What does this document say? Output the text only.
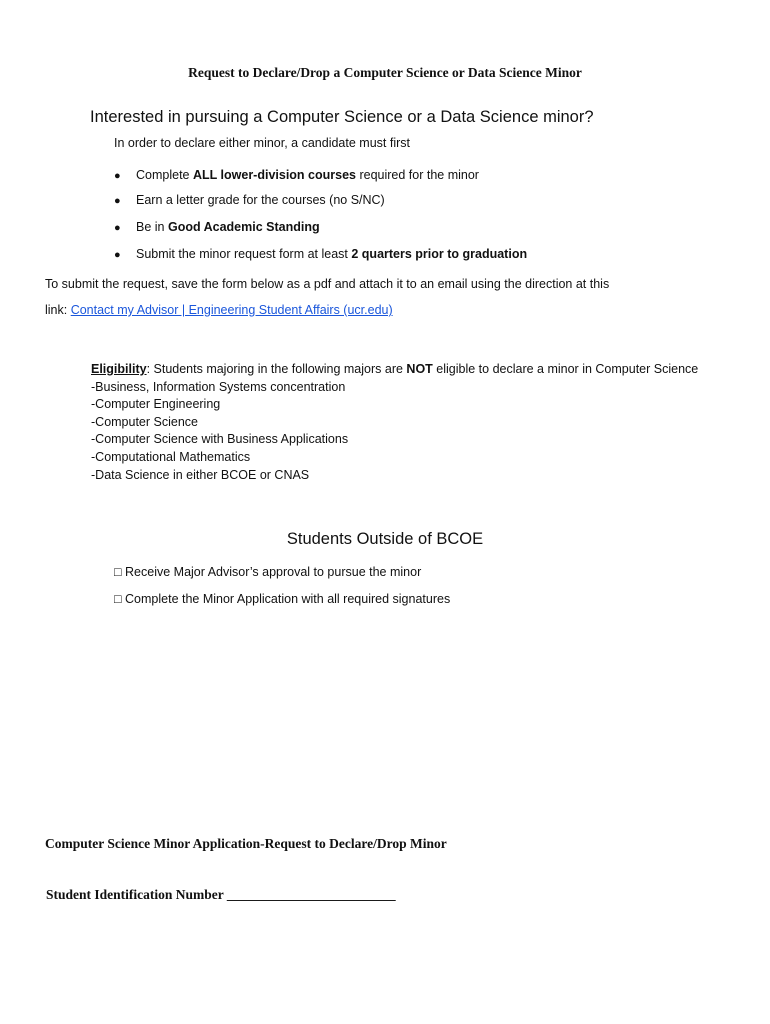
Request to Declare/Drop a Computer Science or Data Science Minor
Interested in pursuing a Computer Science or a Data Science minor?
In order to declare either minor, a candidate must first
● Complete ALL lower-division courses required for the minor
● Earn a letter grade for the courses (no S/NC)
● Be in Good Academic Standing
● Submit the minor request form at least 2 quarters prior to graduation
To submit the request, save the form below as a pdf and attach it to an email using the direction at this
link: Contact my Advisor | Engineering Student Affairs (ucr.edu)
Eligibility: Students majoring in the following majors are NOT eligible to declare a minor in Computer Science
-Business, Information Systems concentration
-Computer Engineering
-Computer Science
-Computer Science with Business Applications
-Computational Mathematics
-Data Science in either BCOE or CNAS
Students Outside of BCOE
□ Receive Major Advisor’s approval to pursue the minor
□ Complete the Minor Application with all required signatures
Computer Science Minor Application-Request to Declare/Drop Minor
Student Identification Number _________________________
